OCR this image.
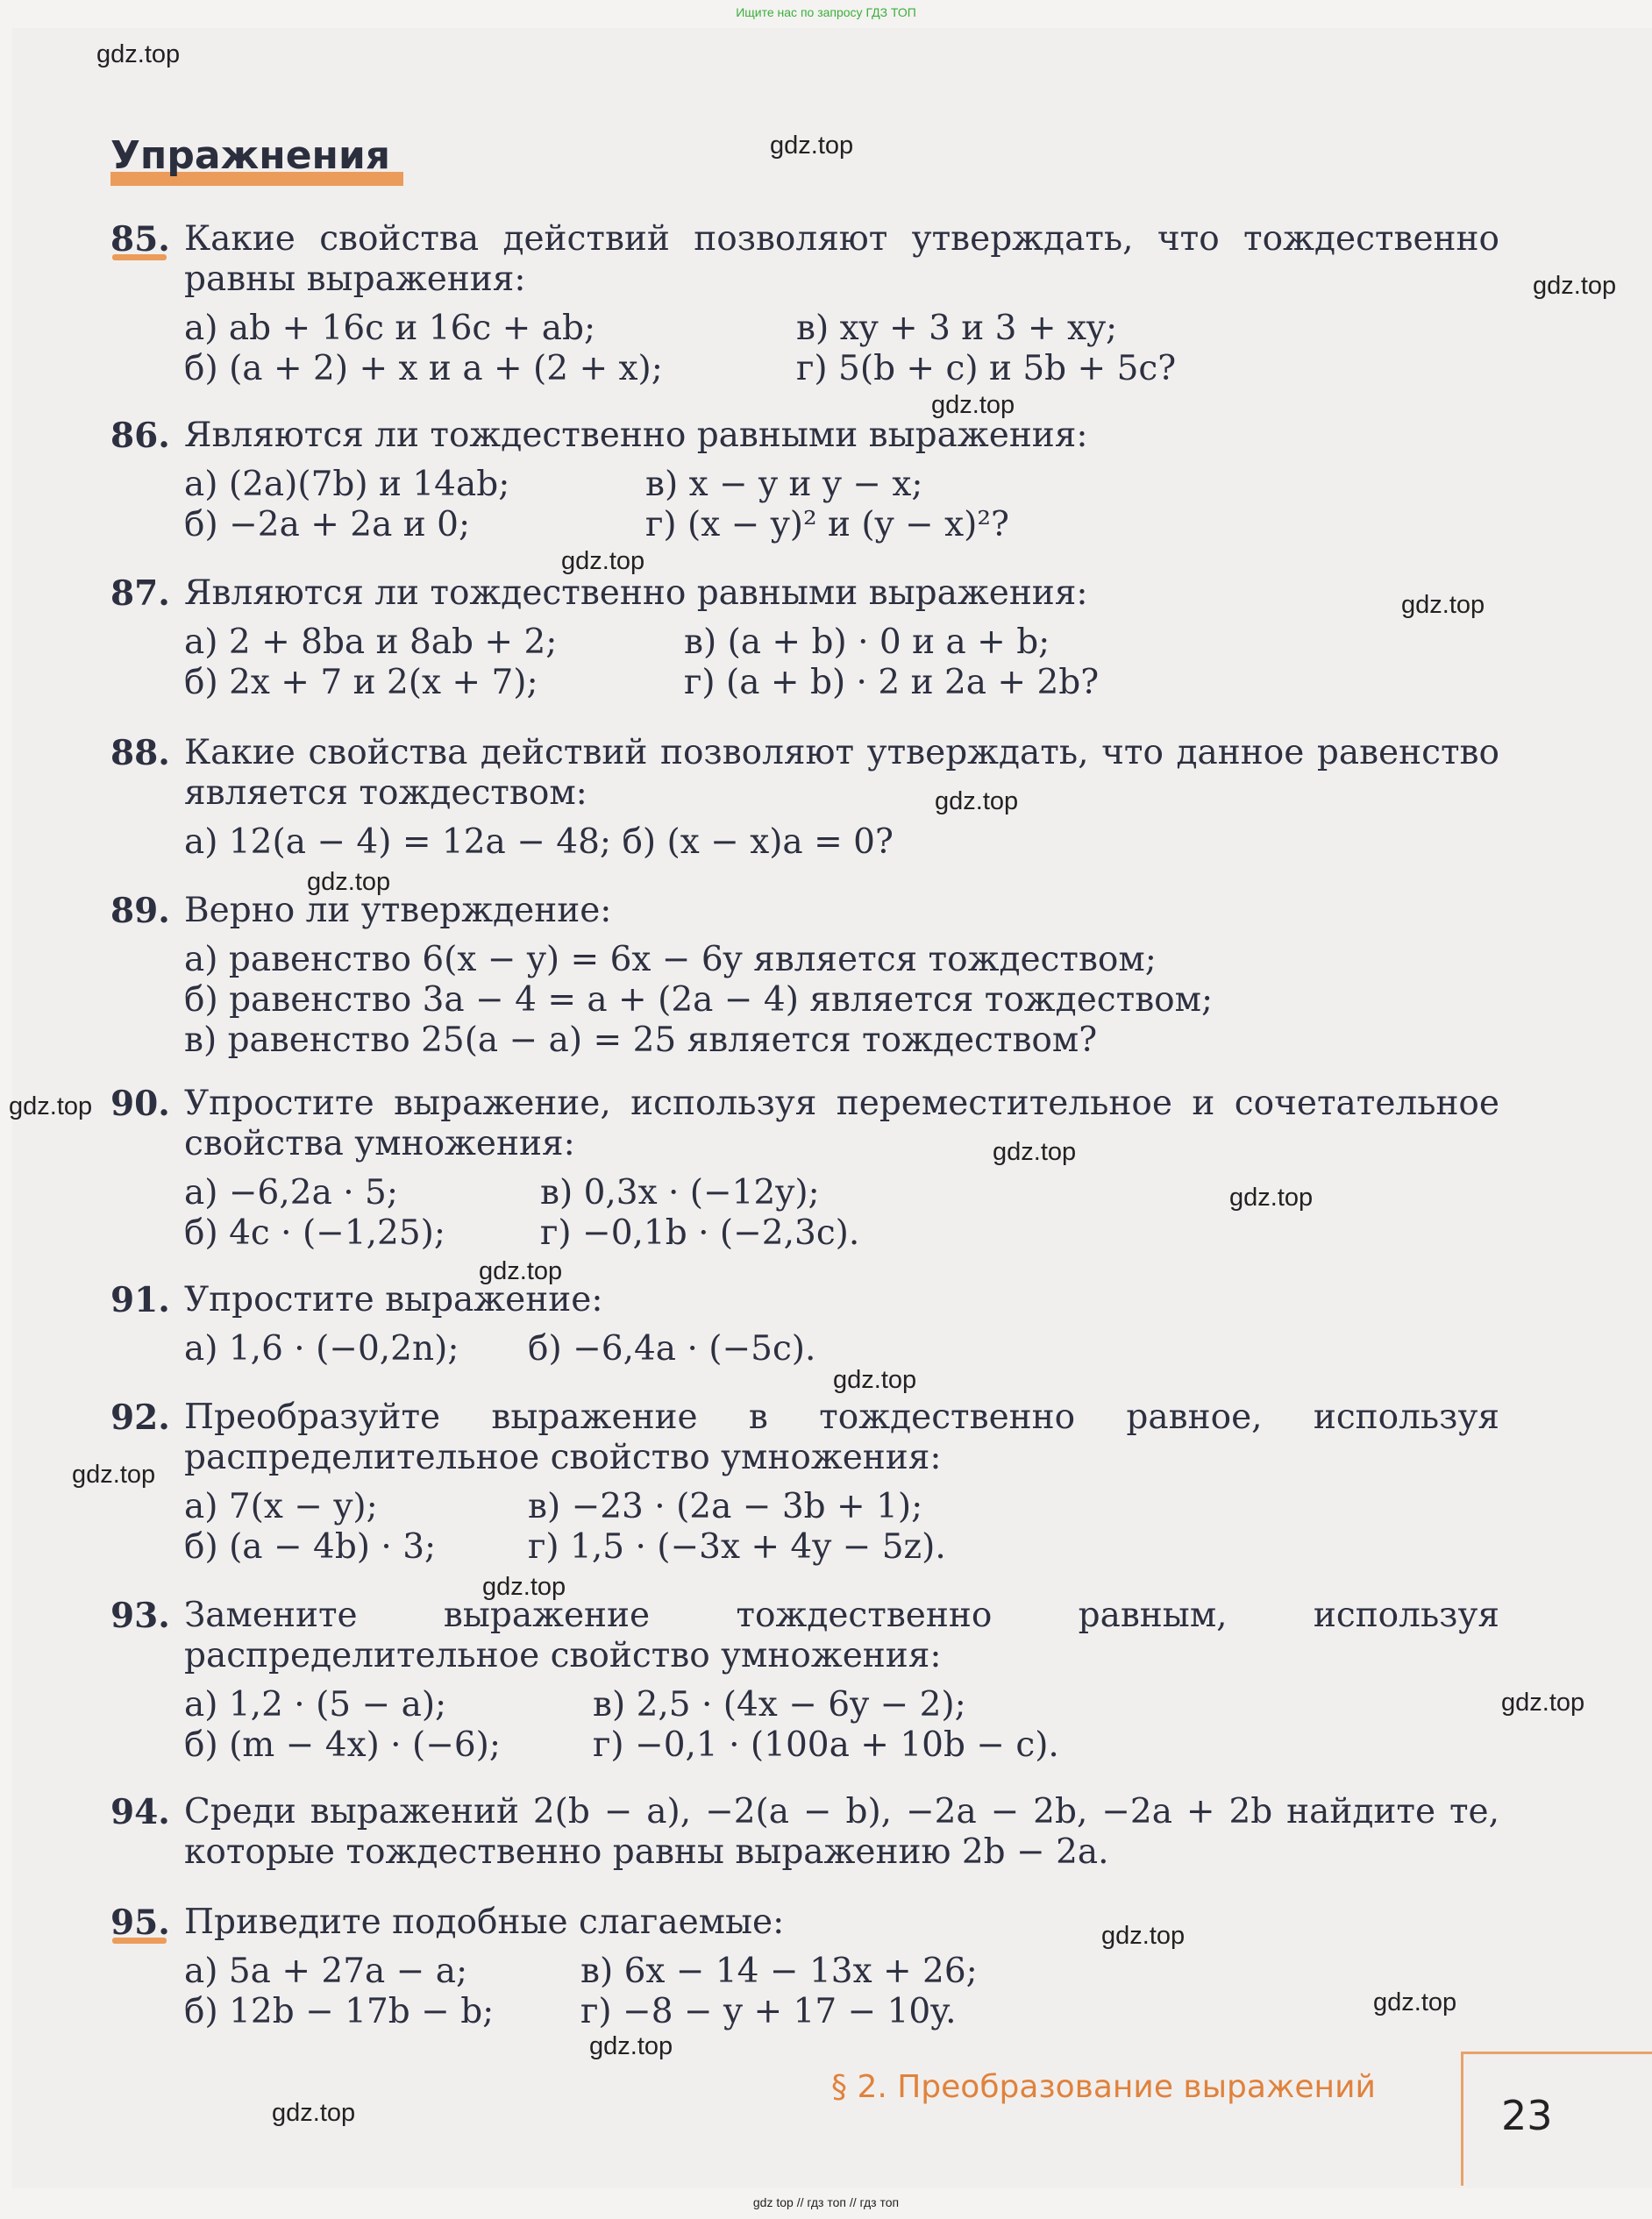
Ищите нас по запросу ГДЗ ТОП
Упражнения
85. Какие свойства действий позволяют утверждать, что тождественно равны выражения:
а) ab + 16c и 16c + ab;	в) xy + 3 и 3 + xy;
б) (a + 2) + x и a + (2 + x);	г) 5(b + c) и 5b + 5c?
86. Являются ли тождественно равными выражения:
а) (2a)(7b) и 14ab;	в) x − y и y − x;
б) −2a + 2a и 0;	г) (x − y)² и (y − x)²?
87. Являются ли тождественно равными выражения:
а) 2 + 8ba и 8ab + 2;	в) (a + b) · 0 и a + b;
б) 2x + 7 и 2(x + 7);	г) (a + b) · 2 и 2a + 2b?
88. Какие свойства действий позволяют утверждать, что данное равенство является тождеством:
а) 12(a − 4) = 12a − 48; б) (x − x)a = 0?
89. Верно ли утверждение:
а) равенство 6(x − y) = 6x − 6y является тождеством;
б) равенство 3a − 4 = a + (2a − 4) является тождеством;
в) равенство 25(a − a) = 25 является тождеством?
90. Упростите выражение, используя переместительное и сочетательное свойства умножения:
а) −6,2a · 5;	в) 0,3x · (−12y);
б) 4c · (−1,25);	г) −0,1b · (−2,3c).
91. Упростите выражение:
а) 1,6 · (−0,2n); б) −6,4a · (−5c).
92. Преобразуйте выражение в тождественно равное, используя распределительное свойство умножения:
а) 7(x − y);	в) −23 · (2a − 3b + 1);
б) (a − 4b) · 3;	г) 1,5 · (−3x + 4y − 5z).
93. Замените выражение тождественно равным, используя распределительное свойство умножения:
а) 1,2 · (5 − a);	в) 2,5 · (4x − 6y − 2);
б) (m − 4x) · (−6);	г) −0,1 · (100a + 10b − c).
94. Среди выражений 2(b − a), −2(a − b), −2a − 2b, −2a + 2b найдите те, которые тождественно равны выражению 2b − 2a.
95. Приведите подобные слагаемые:
а) 5a + 27a − a;	в) 6x − 14 − 13x + 26;
б) 12b − 17b − b;	г) −8 − y + 17 − 10y.
§ 2. Преобразование выражений
23
gdz.top
gdz.top
gdz.top
gdz.top
gdz.top
gdz.top
gdz.top
gdz.top
gdz.top
gdz.top
gdz.top
gdz.top
gdz.top
gdz.top
gdz.top
gdz.top
gdz.top
gdz.top
gdz.top
gdz.top
gdz top // гдз топ // гдз топ
